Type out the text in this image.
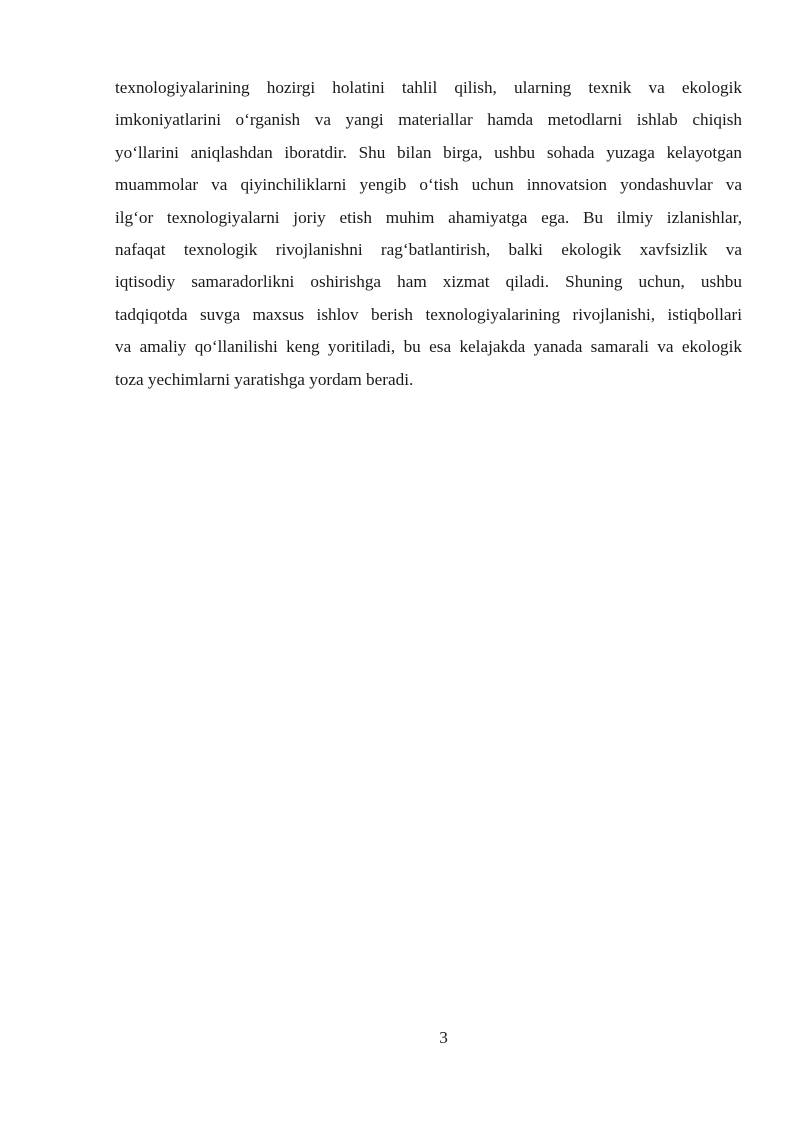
texnologiyalarining hozirgi holatini tahlil qilish, ularning texnik va ekologik
imkoniyatlarini o‘rganish va yangi materiallar hamda metodlarni ishlab chiqish
yo‘llarini aniqlashdan iboratdir. Shu bilan birga, ushbu sohada yuzaga kelayotgan
muammolar va qiyinchiliklarni yengib o‘tish uchun innovatsion yondashuvlar va
ilg‘or texnologiyalarni joriy etish muhim ahamiyatga ega. Bu ilmiy izlanishlar,
nafaqat texnologik rivojlanishni rag‘batlantirish, balki ekologik xavfsizlik va
iqtisodiy samaradorlikni oshirishga ham xizmat qiladi. Shuning uchun, ushbu
tadqiqotda suvga maxsus ishlov berish texnologiyalarining rivojlanishi, istiqbollari
va amaliy qo‘llanilishi keng yoritiladi, bu esa kelajakda yanada samarali va ekologik
toza yechimlarni yaratishga yordam beradi.

3
